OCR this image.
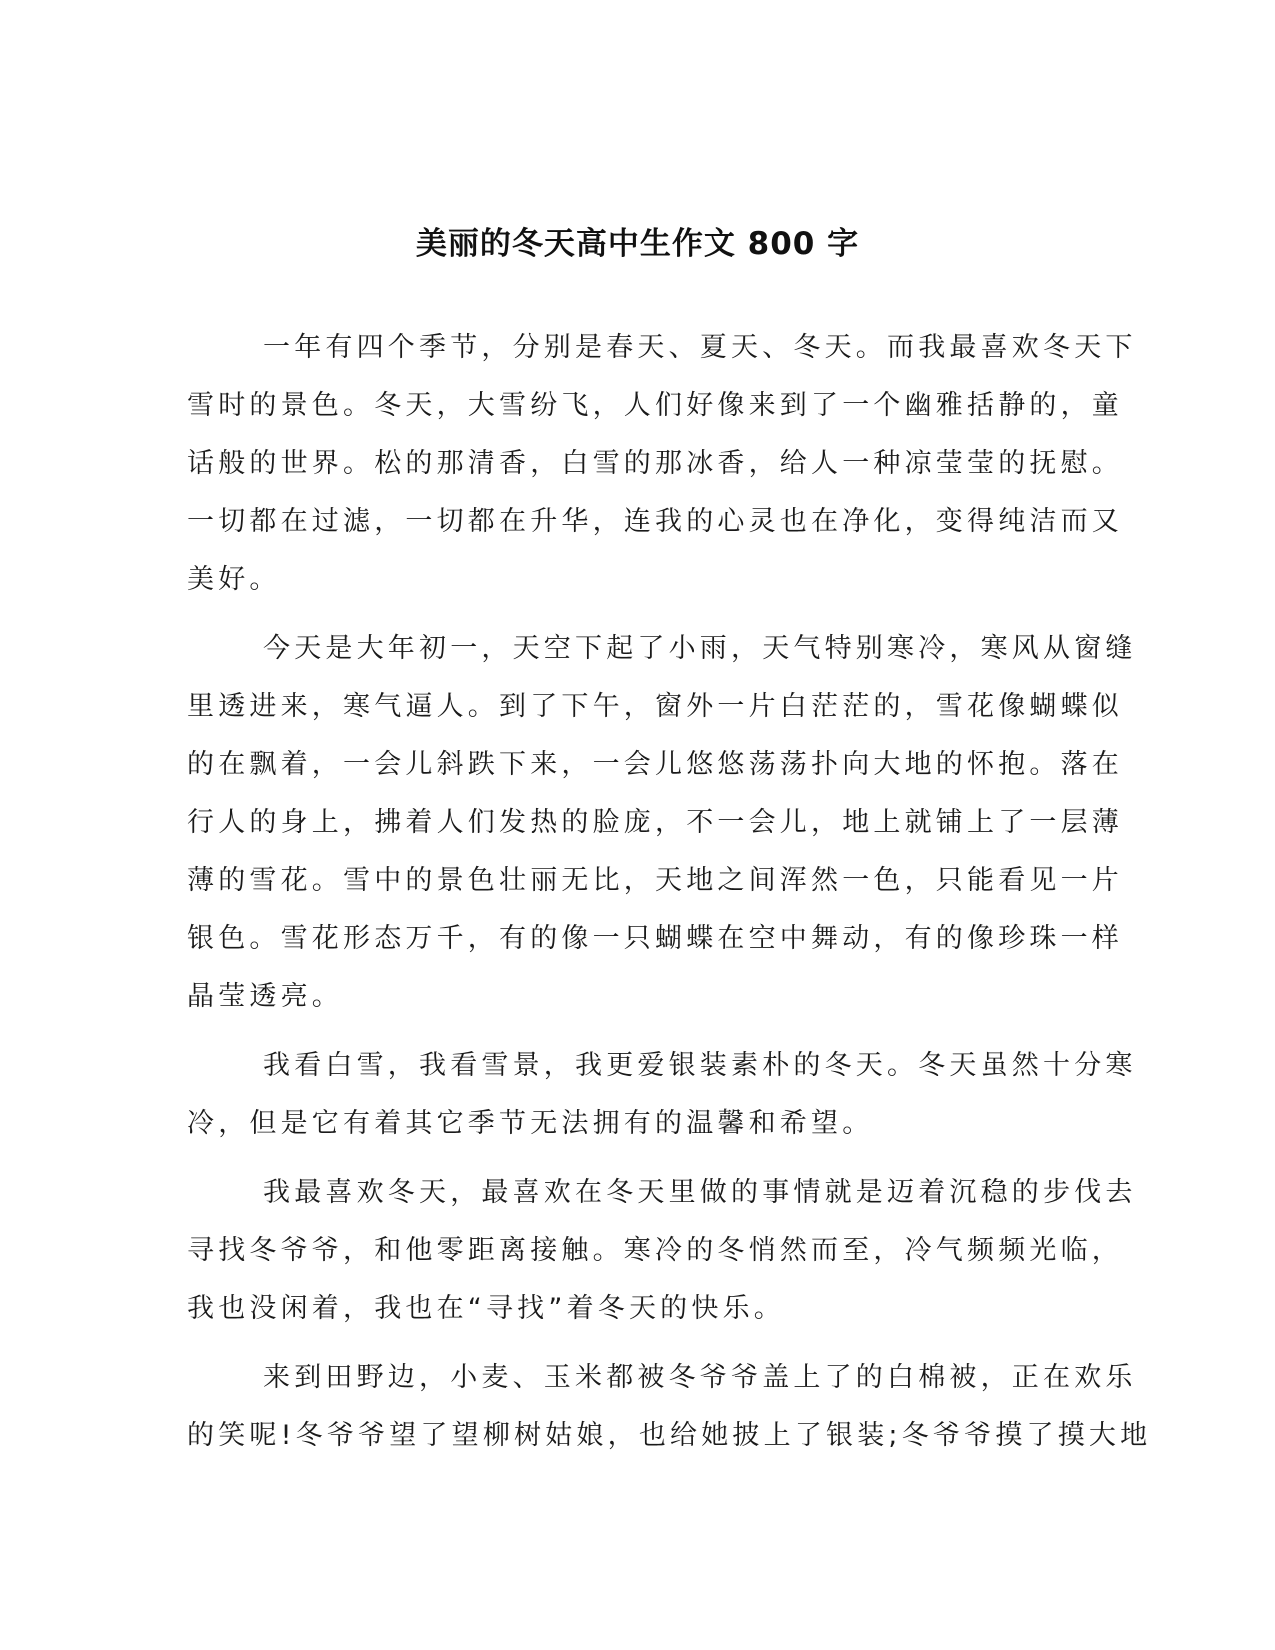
美丽的冬天高中生作文 800 字

一年有四个季节，分别是春天、夏天、冬天。而我最喜欢冬天下

雪时的景色。冬天，大雪纷飞，人们好像来到了一个幽雅括静的，童

话般的世界。松的那清香，白雪的那冰香，给人一种凉莹莹的抚慰。

一切都在过滤，一切都在升华，连我的心灵也在净化，变得纯洁而又

美好。

今天是大年初一，天空下起了小雨，天气特别寒冷，寒风从窗缝

里透进来，寒气逼人。到了下午，窗外一片白茫茫的，雪花像蝴蝶似

的在飘着，一会儿斜跌下来，一会儿悠悠荡荡扑向大地的怀抱。落在

行人的身上，拂着人们发热的脸庞，不一会儿，地上就铺上了一层薄

薄的雪花。雪中的景色壮丽无比，天地之间浑然一色，只能看见一片

银色。雪花形态万千，有的像一只蝴蝶在空中舞动，有的像珍珠一样

晶莹透亮。

我看白雪，我看雪景，我更爱银装素朴的冬天。冬天虽然十分寒

冷，但是它有着其它季节无法拥有的温馨和希望。

我最喜欢冬天，最喜欢在冬天里做的事情就是迈着沉稳的步伐去

寻找冬爷爷，和他零距离接触。寒冷的冬悄然而至，冷气频频光临，

我也没闲着，我也在“寻找”着冬天的快乐。

来到田野边，小麦、玉米都被冬爷爷盖上了的白棉被，正在欢乐

的笑呢!冬爷爷望了望柳树姑娘，也给她披上了银装;冬爷爷摸了摸大地
